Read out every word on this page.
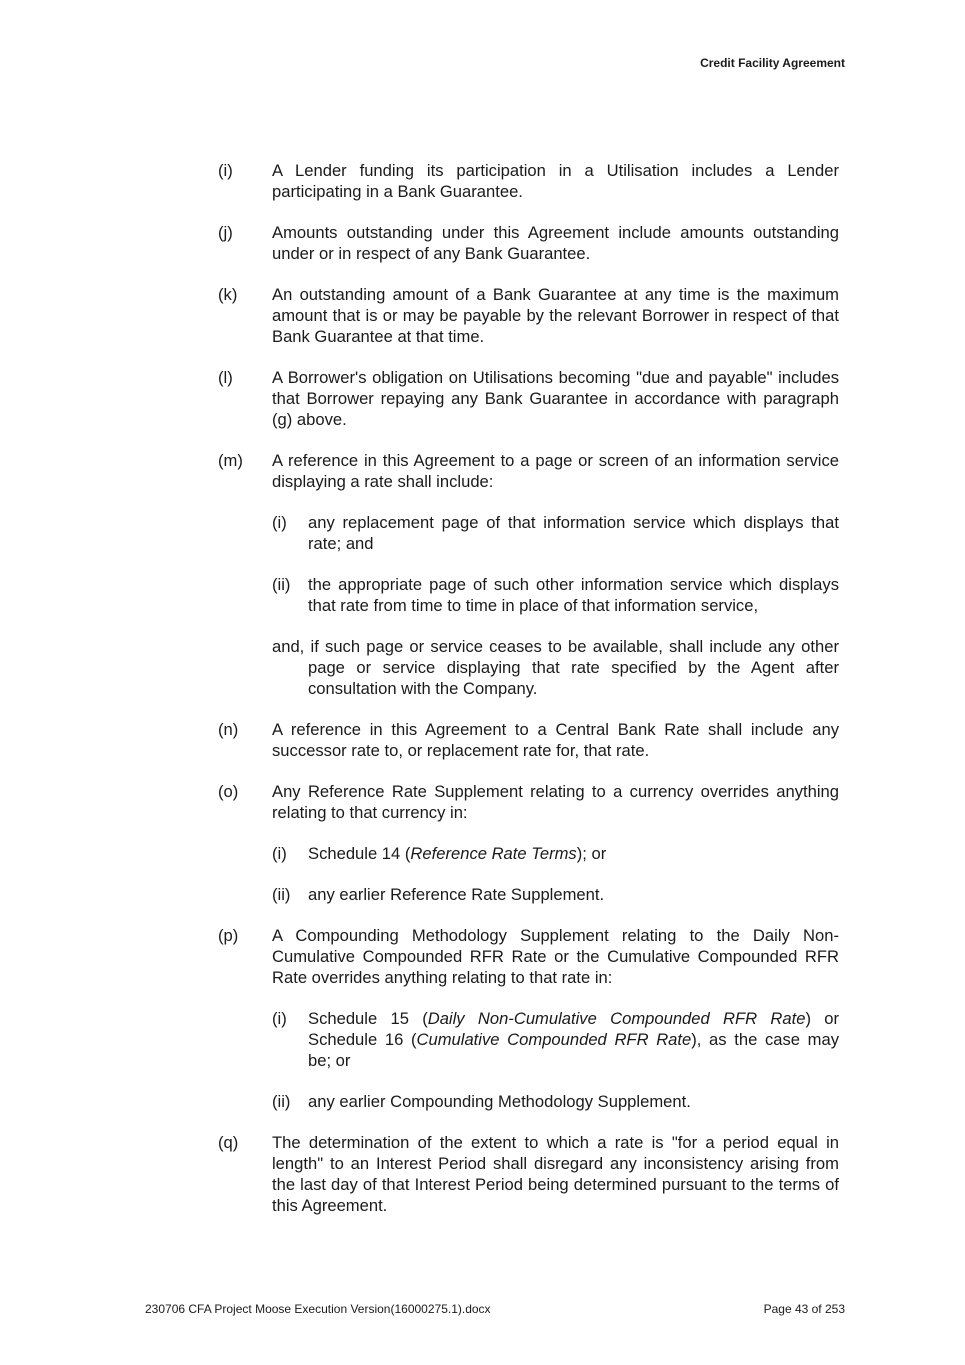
Credit Facility Agreement
(i) A Lender funding its participation in a Utilisation includes a Lender participating in a Bank Guarantee.
(j) Amounts outstanding under this Agreement include amounts outstanding under or in respect of any Bank Guarantee.
(k) An outstanding amount of a Bank Guarantee at any time is the maximum amount that is or may be payable by the relevant Borrower in respect of that Bank Guarantee at that time.
(l) A Borrower's obligation on Utilisations becoming "due and payable" includes that Borrower repaying any Bank Guarantee in accordance with paragraph (g) above.
(m) A reference in this Agreement to a page or screen of an information service displaying a rate shall include:
(i) any replacement page of that information service which displays that rate; and
(ii) the appropriate page of such other information service which displays that rate from time to time in place of that information service,
and, if such page or service ceases to be available, shall include any other page or service displaying that rate specified by the Agent after consultation with the Company.
(n) A reference in this Agreement to a Central Bank Rate shall include any successor rate to, or replacement rate for, that rate.
(o) Any Reference Rate Supplement relating to a currency overrides anything relating to that currency in:
(i) Schedule 14 (Reference Rate Terms); or
(ii) any earlier Reference Rate Supplement.
(p) A Compounding Methodology Supplement relating to the Daily Non-Cumulative Compounded RFR Rate or the Cumulative Compounded RFR Rate overrides anything relating to that rate in:
(i) Schedule 15 (Daily Non-Cumulative Compounded RFR Rate) or Schedule 16 (Cumulative Compounded RFR Rate), as the case may be; or
(ii) any earlier Compounding Methodology Supplement.
(q) The determination of the extent to which a rate is "for a period equal in length" to an Interest Period shall disregard any inconsistency arising from the last day of that Interest Period being determined pursuant to the terms of this Agreement.
230706 CFA Project Moose Execution Version(16000275.1).docx	Page 43 of 253
